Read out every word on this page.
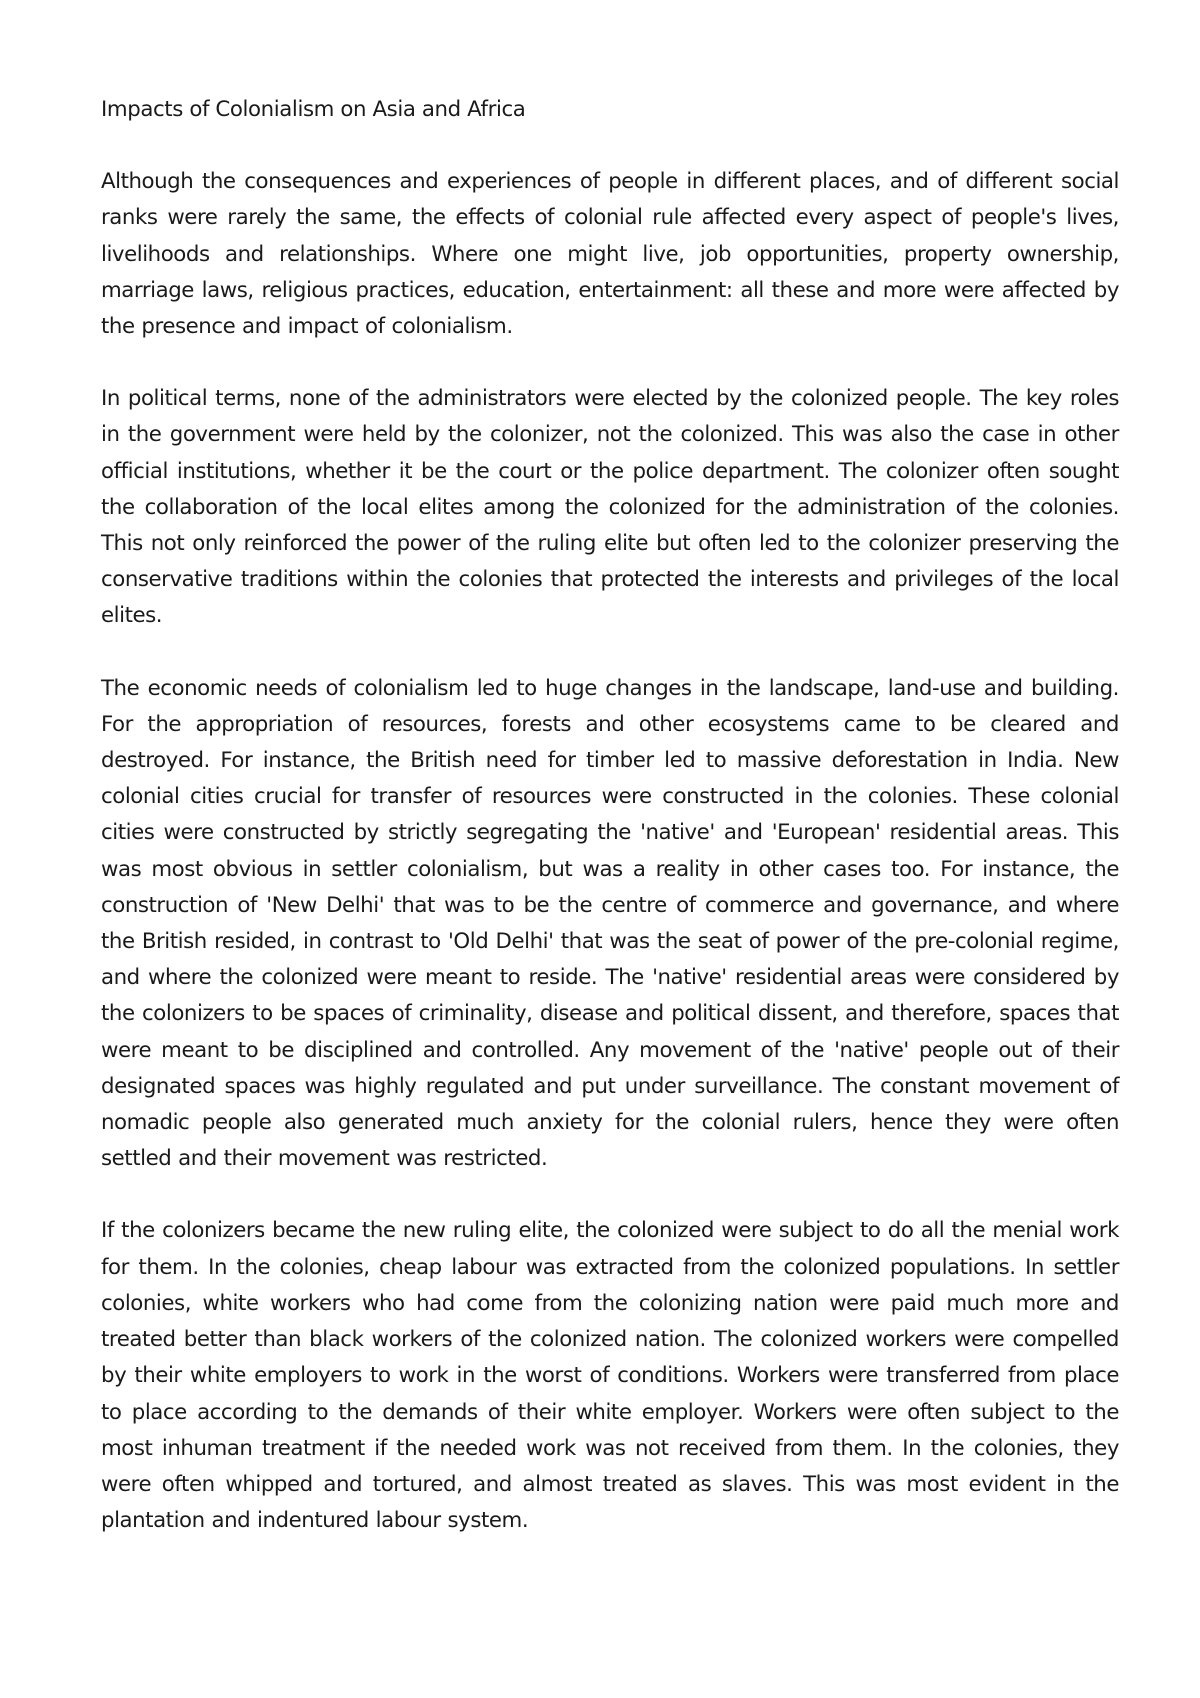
Impacts of Colonialism on Asia and Africa

Although the consequences and experiences of people in different places, and of different social ranks were rarely the same, the effects of colonial rule affected every aspect of people's lives, livelihoods and relationships. Where one might live, job opportunities, property ownership, marriage laws, religious practices, education, entertainment: all these and more were affected by the presence and impact of colonialism.

In political terms, none of the administrators were elected by the colonized people. The key roles in the government were held by the colonizer, not the colonized. This was also the case in other official institutions, whether it be the court or the police department. The colonizer often sought the collaboration of the local elites among the colonized for the administration of the colonies. This not only reinforced the power of the ruling elite but often led to the colonizer preserving the conservative traditions within the colonies that protected the interests and privileges of the local elites.

The economic needs of colonialism led to huge changes in the landscape, land-use and building. For the appropriation of resources, forests and other ecosystems came to be cleared and destroyed. For instance, the British need for timber led to massive deforestation in India. New colonial cities crucial for transfer of resources were constructed in the colonies. These colonial cities were constructed by strictly segregating the 'native' and 'European' residential areas. This was most obvious in settler colonialism, but was a reality in other cases too. For instance, the construction of 'New Delhi' that was to be the centre of commerce and governance, and where the British resided, in contrast to 'Old Delhi' that was the seat of power of the pre-colonial regime, and where the colonized were meant to reside. The 'native' residential areas were considered by the colonizers to be spaces of criminality, disease and political dissent, and therefore, spaces that were meant to be disciplined and controlled. Any movement of the 'native' people out of their designated spaces was highly regulated and put under surveillance. The constant movement of nomadic people also generated much anxiety for the colonial rulers, hence they were often settled and their movement was restricted.

If the colonizers became the new ruling elite, the colonized were subject to do all the menial work for them. In the colonies, cheap labour was extracted from the colonized populations. In settler colonies, white workers who had come from the colonizing nation were paid much more and treated better than black workers of the colonized nation. The colonized workers were compelled by their white employers to work in the worst of conditions. Workers were transferred from place to place according to the demands of their white employer. Workers were often subject to the most inhuman treatment if the needed work was not received from them. In the colonies, they were often whipped and tortured, and almost treated as slaves. This was most evident in the plantation and indentured labour system.
